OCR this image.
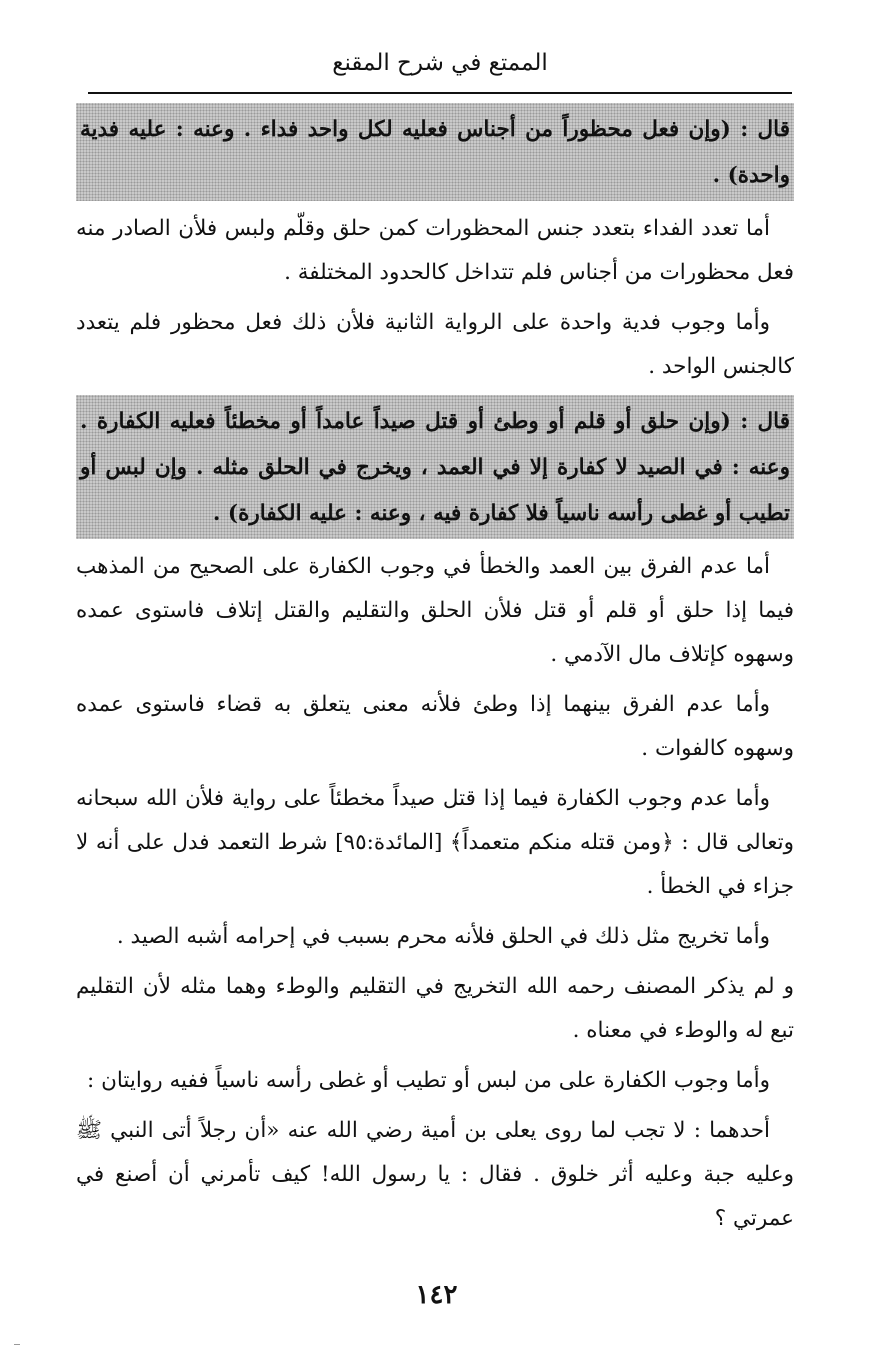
الممتع في شرح المقنع
قال : (وإن فعل محظوراً من أجناس فعليه لكل واحد فداء . وعنه : عليه فدية واحدة) .

أما تعدد الفداء بتعدد جنس المحظورات كمن حلق وقلّم ولبس فلأن الصادر منه فعل محظورات من أجناس فلم تتداخل كالحدود المختلفة .

وأما وجوب فدية واحدة على الرواية الثانية فلأن ذلك فعل محظور فلم يتعدد كالجنس الواحد .

قال : (وإن حلق أو قلم أو وطئ أو قتل صيداً عامداً أو مخطئاً فعليه الكفارة . وعنه : في الصيد لا كفارة إلا في العمد ، ويخرج في الحلق مثله . وإن لبس أو تطيب أو غطى رأسه ناسياً فلا كفارة فيه ، وعنه : عليه الكفارة) .

أما عدم الفرق بين العمد والخطأ في وجوب الكفارة على الصحيح من المذهب فيما إذا حلق أو قلم أو قتل فلأن الحلق والتقليم والقتل إتلاف فاستوى عمده وسهوه كإتلاف مال الآدمي .

وأما عدم الفرق بينهما إذا وطئ فلأنه معنى يتعلق به قضاء فاستوى عمده وسهوه كالفوات .

وأما عدم وجوب الكفارة فيما إذا قتل صيداً مخطئاً على رواية فلأن الله سبحانه وتعالى قال : ﴿ومن قتله منكم متعمداً﴾ [المائدة:٩٥] شرط التعمد فدل على أنه لا جزاء في الخطأ .

وأما تخريج مثل ذلك في الحلق فلأنه محرم بسبب في إحرامه أشبه الصيد .

و لم يذكر المصنف رحمه الله التخريج في التقليم والوطء وهما مثله لأن التقليم تبع له والوطء في معناه .

وأما وجوب الكفارة على من لبس أو تطيب أو غطى رأسه ناسياً ففيه روايتان :

أحدهما : لا تجب لما روى يعلى بن أمية رضي الله عنه «أن رجلاً أتى النبي ﷺ وعليه جبة وعليه أثر خلوق . فقال : يا رسول الله! كيف تأمرني أن أصنع في عمرتي ؟

١٤٢
